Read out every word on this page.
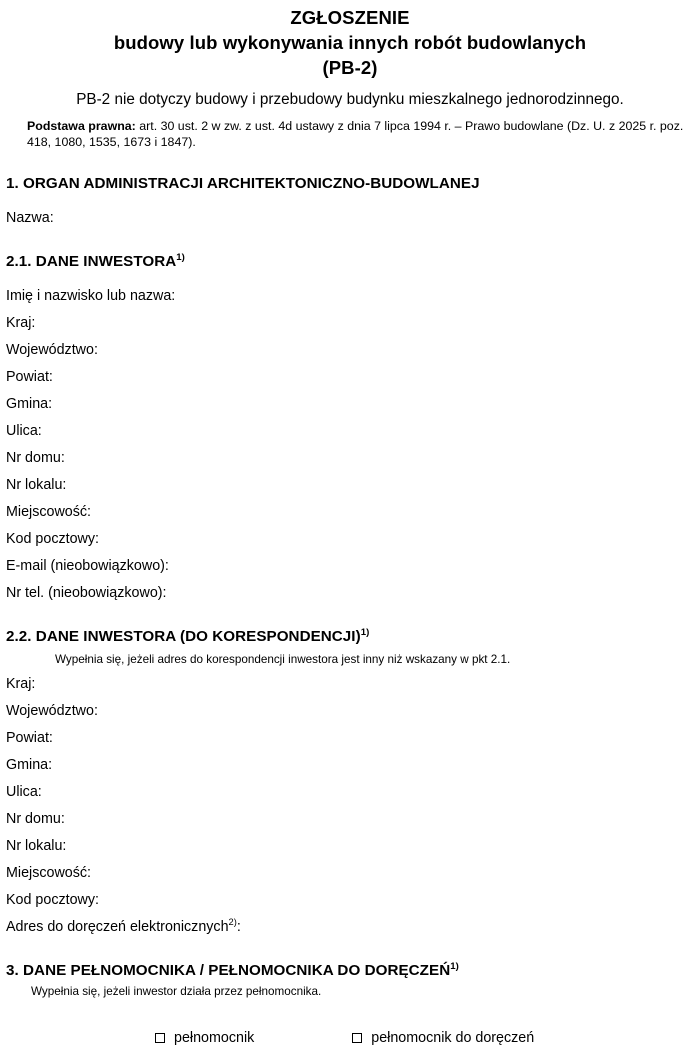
ZGŁOSZENIE
budowy lub wykonywania innych robót budowlanych
(PB-2)
PB-2 nie dotyczy budowy i przebudowy budynku mieszkalnego jednorodzinnego.
Podstawa prawna: art. 30 ust. 2 w zw. z ust. 4d ustawy z dnia 7 lipca 1994 r. – Prawo budowlane (Dz. U. z 2025 r. poz. 418, 1080, 1535, 1673 i 1847).
1. ORGAN ADMINISTRACJI ARCHITEKTONICZNO-BUDOWLANEJ
Nazwa:
2.1. DANE INWESTORA$^{1)}$
Imię i nazwisko lub nazwa:
Kraj:
Województwo:
Powiat:
Gmina:
Ulica:
Nr domu:
Nr lokalu:
Miejscowość:
Kod pocztowy:
E-mail (nieobowiązkowo):
Nr tel. (nieobowiązkowo):
2.2. DANE INWESTORA (DO KORESPONDENCJI)$^{1)}$
Wypełnia się, jeżeli adres do korespondencji inwestora jest inny niż wskazany w pkt 2.1.
Kraj:
Województwo:
Powiat:
Gmina:
Ulica:
Nr domu:
Nr lokalu:
Miejscowość:
Kod pocztowy:
Adres do doręczeń elektronicznych$^{2)}$:
3. DANE PEŁNOMOCNIKA / PEŁNOMOCNIKA DO DORĘCZEŃ$^{1)}$
Wypełnia się, jeżeli inwestor działa przez pełnomocnika.
pełnomocnik	pełnomocnik do doręczeń
